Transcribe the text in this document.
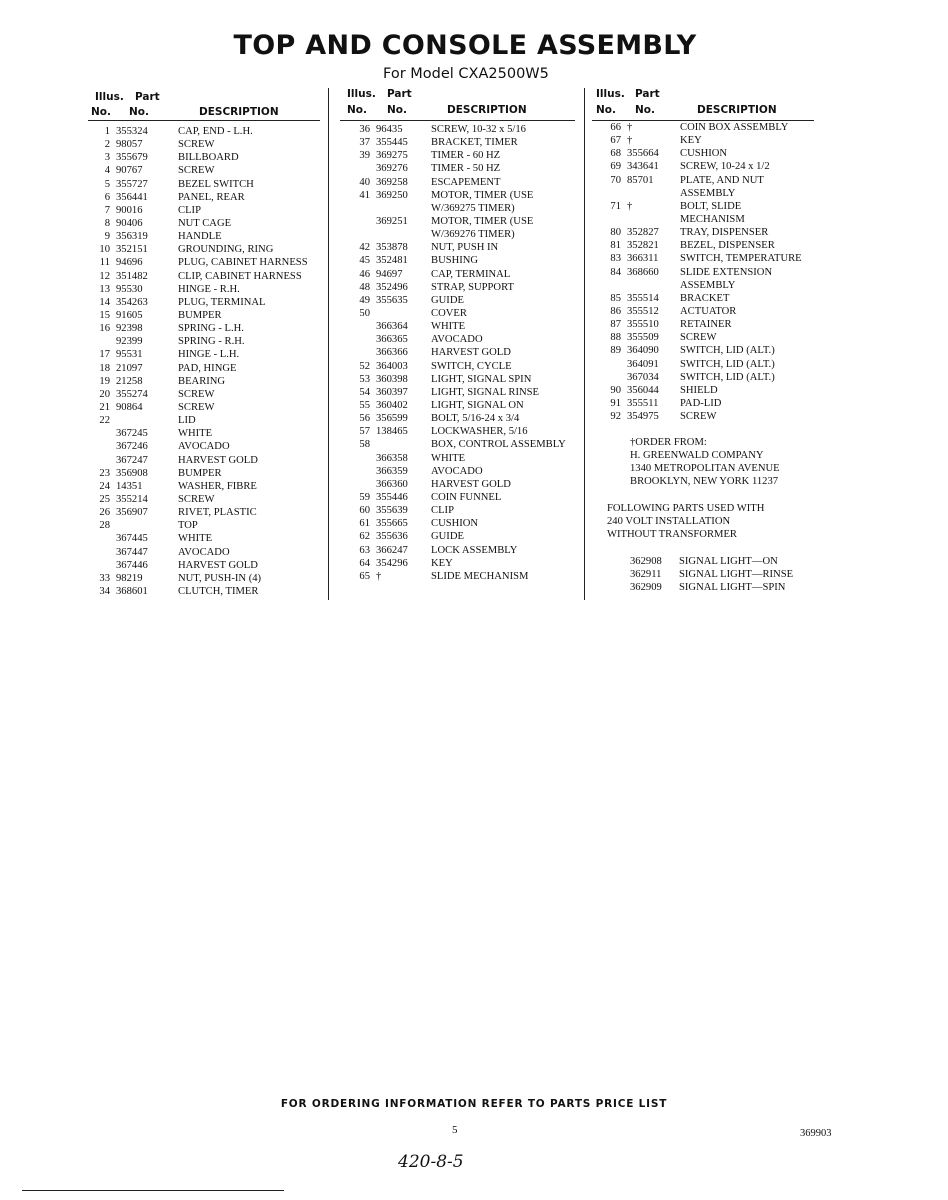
TOP AND CONSOLE ASSEMBLY
For Model CXA2500W5
Illus. Part
No. No.	DESCRIPTION
1 355324	CAP, END - L.H.
2 98057	SCREW
3 355679	BILLBOARD
4 90767	SCREW
5 355727	BEZEL SWITCH
6 356441	PANEL, REAR
7 90016	CLIP
8 90406	NUT CAGE
9 356319	HANDLE
10 352151	GROUNDING, RING
11 94696	PLUG, CABINET HARNESS
12 351482	CLIP, CABINET HARNESS
13 95530	HINGE - R.H.
14 354263	PLUG, TERMINAL
15 91605	BUMPER
16 92398	SPRING - L.H.
92399	SPRING - R.H.
17 95531	HINGE - L.H.
18 21097	PAD, HINGE
19 21258	BEARING
20 355274	SCREW
21 90864	SCREW
22	LID
367245	WHITE
367246	AVOCADO
367247	HARVEST GOLD
23 356908	BUMPER
24 14351	WASHER, FIBRE
25 355214	SCREW
26 356907	RIVET, PLASTIC
28	TOP
367445	WHITE
367447	AVOCADO
367446	HARVEST GOLD
33 98219	NUT, PUSH-IN (4)
34 368601	CLUTCH, TIMER
Illus. Part
No. No.	DESCRIPTION
36 96435	SCREW, 10-32 x 5/16
37 355445 BRACKET, TIMER
39 369275 TIMER - 60 HZ
369276 TIMER - 50 HZ
40 369258 ESCAPEMENT
41 369250 MOTOR, TIMER (USE
W/369275 TIMER)
369251 MOTOR, TIMER (USE
W/369276 TIMER)
42 353878 NUT, PUSH IN
45 352481 BUSHING
46 94697	CAP, TERMINAL
48 352496 STRAP, SUPPORT
49 355635 GUIDE
50	COVER
366364 WHITE
366365 AVOCADO
366366 HARVEST GOLD
52 364003 SWITCH, CYCLE
53 360398 LIGHT, SIGNAL SPIN
54 360397 LIGHT, SIGNAL RINSE
55 360402 LIGHT, SIGNAL ON
56 356599 BOLT, 5/16-24 x 3/4
57 138465 LOCKWASHER, 5/16
58	BOX, CONTROL ASSEMBLY
366358 WHITE
366359 AVOCADO
366360 HARVEST GOLD
59 355446 COIN FUNNEL
60 355639 CLIP
61 355665 CUSHION
62 355636 GUIDE
63 366247 LOCK ASSEMBLY
64 354296 KEY
65 †	SLIDE MECHANISM
Illus. Part
No. No.	DESCRIPTION
66 †	COIN BOX ASSEMBLY
67 †	KEY
68 355664 CUSHION
69 343641 SCREW, 10-24 x 1/2
70 85701	PLATE, AND NUT
ASSEMBLY
71 †	BOLT, SLIDE
MECHANISM
80 352827 TRAY, DISPENSER
81 352821 BEZEL, DISPENSER
83 366311 SWITCH, TEMPERATURE
84 368660 SLIDE EXTENSION
ASSEMBLY
85 355514 BRACKET
86 355512 ACTUATOR
87 355510 RETAINER
88 355509 SCREW
89 364090 SWITCH, LID (ALT.)
364091 SWITCH, LID (ALT.)
367034 SWITCH, LID (ALT.)
90 356044 SHIELD
91 355511 PAD-LID
92 354975 SCREW
†ORDER FROM:
H. GREENWALD COMPANY
1340 METROPOLITAN AVENUE
BROOKLYN, NEW YORK 11237
FOLLOWING PARTS USED WITH
240 VOLT INSTALLATION
WITHOUT TRANSFORMER
362908 SIGNAL LIGHT—ON
362911 SIGNAL LIGHT—RINSE
362909 SIGNAL LIGHT—SPIN
FOR ORDERING INFORMATION REFER TO PARTS PRICE LIST
5	369903
420-8-5
